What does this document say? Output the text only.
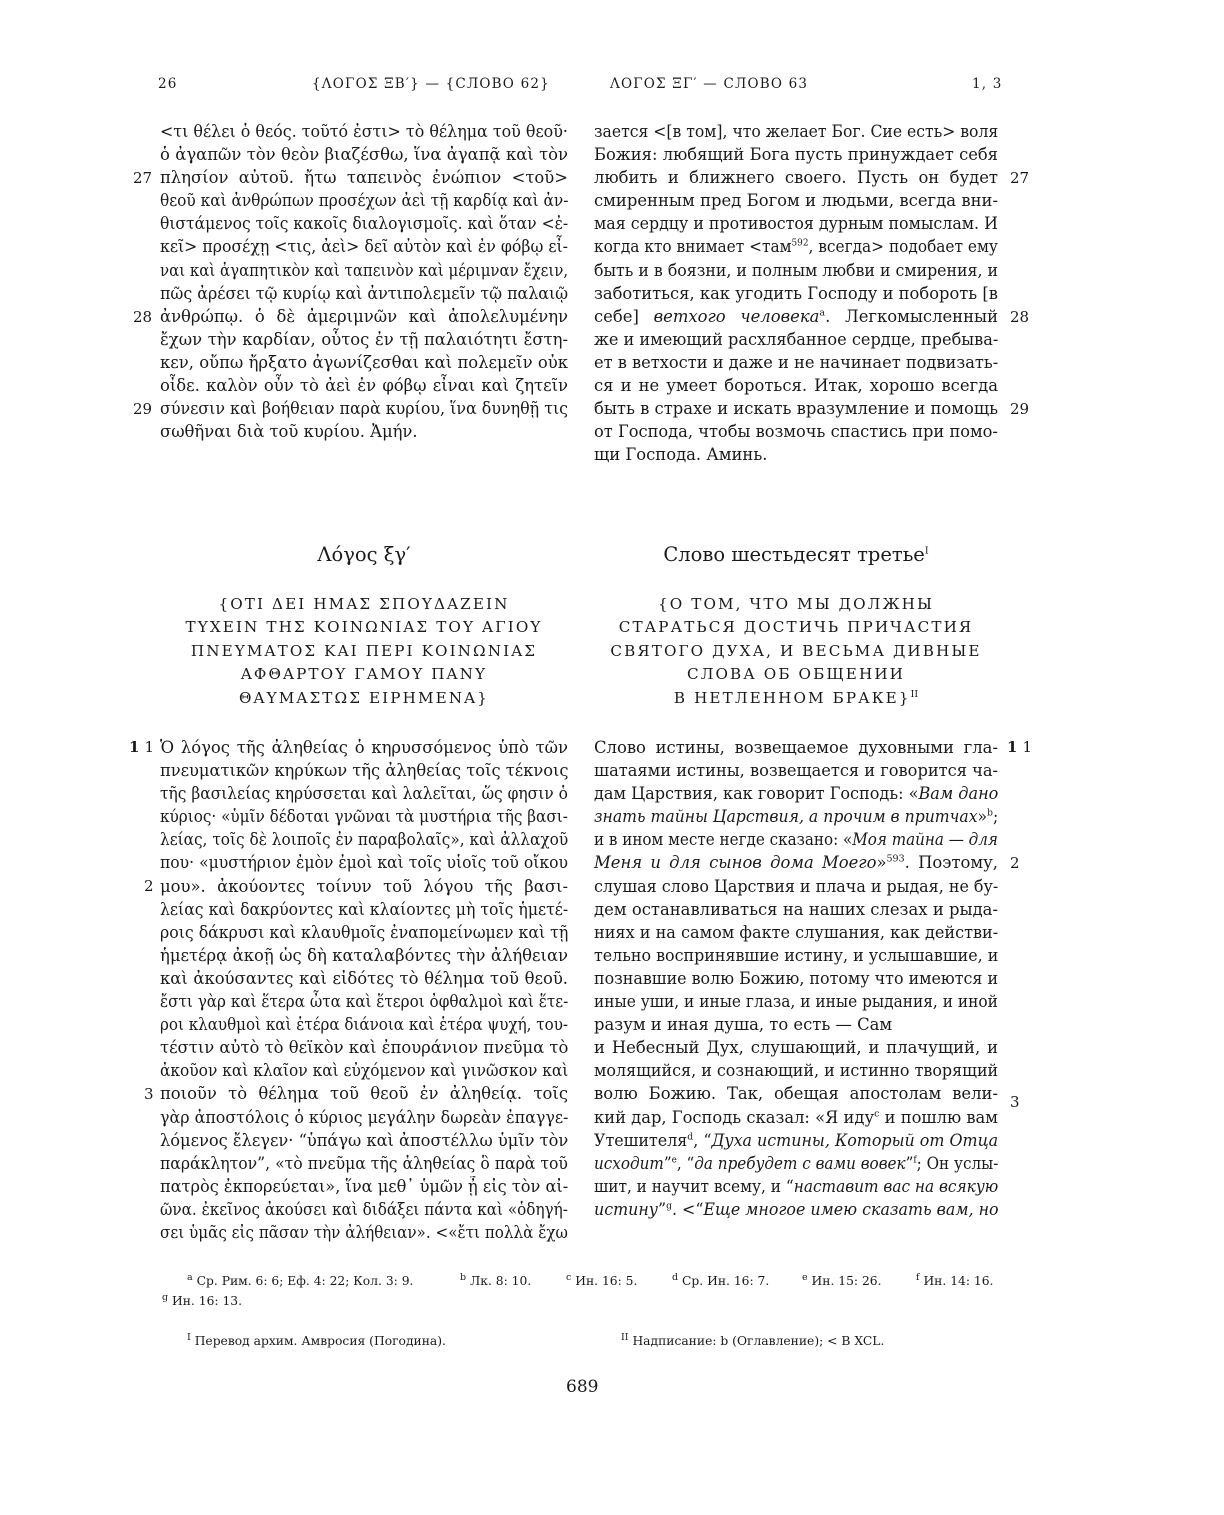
26	{ΛΟΓΟΣ ΞΒ′} — {СЛОВО 62}	ΛΟΓΟΣ ΞΓ′ — СЛОВО 63	1, 3
<τι θέλει ὁ θεός. τοῦτό ἐστι> τὸ θέλημα τοῦ θεοῦ·
ὁ ἀγαπῶν τὸν θεὸν βιαζέσθω, ἵνα ἀγαπᾷ καὶ τὸν
πλησίον αὐτοῦ. ἤτω ταπεινὸς ἐνώπιον <τοῦ>
θεοῦ καὶ ἀνθρώπων προσέχων ἀεὶ τῇ καρδίᾳ καὶ ἀν-
θιστάμενος τοῖς κακοῖς διαλογισμοῖς. καὶ ὅταν <ἐ-
κεῖ> προσέχῃ <τις, ἀεὶ> δεῖ αὐτὸν καὶ ἐν φόβῳ εἶ-
ναι καὶ ἀγαπητικὸν καὶ ταπεινὸν καὶ μέριμναν ἔχειν,
πῶς ἀρέσει τῷ κυρίῳ καὶ ἀντιπολεμεῖν τῷ παλαιῷ
ἀνθρώπῳ. ὁ δὲ ἀμεριμνῶν καὶ ἀπολελυμένην
ἔχων τὴν καρδίαν, οὗτος ἐν τῇ παλαιότητι ἔστη-
κεν, οὔπω ἤρξατο ἀγωνίζεσθαι καὶ πολεμεῖν οὐκ
οἶδε. καλὸν οὖν τὸ ἀεὶ ἐν φόβῳ εἶναι καὶ ζητεῖν
σύνεσιν καὶ βοήθειαν παρὰ κυρίου, ἵνα δυνηθῇ τις
σωθῆναι διὰ τοῦ κυρίου. Ἀμήν.
зается <[в том], что желает Бог. Сие есть> воля
Божия: любящий Бога пусть принуждает себя
любить и ближнего своего. Пусть он будет
смиренным пред Богом и людьми, всегда вни-
мая сердцу и противостоя дурным помыслам. И
когда кто внимает <там$^{592}$, всегда> подобает ему
быть и в боязни, и полным любви и смирения, и
заботиться, как угодить Господу и побороть [в
себе] ветхого человека$^a$. Легкомысленный
же и имеющий расхлябанное сердце, пребыва-
ет в ветхости и даже и не начинает подвизать-
ся и не умеет бороться. Итак, хорошо всегда
быть в страхе и искать вразумление и помощь
от Господа, чтобы возмочь спастись при помо-
щи Господа. Аминь.
27
28
29
27
28
29
Λόγος ξγ′
{ΟΤΙ ΔΕΙ ΗΜΑΣ ΣΠΟΥΔΑΖΕΙΝ
ΤΥΧΕΙΝ ΤΗΣ ΚΟΙΝΩΝΙΑΣ ΤΟΥ ΑΓΙΟΥ
ΠΝΕΥΜΑΤΟΣ ΚΑΙ ΠΕΡΙ ΚΟΙΝΩΝΙΑΣ
ΑΦΘΑΡΤΟΥ ΓΑΜΟΥ ΠΑΝΥ
ΘΑΥΜΑΣΤΩΣ ΕΙΡΗΜΕΝΑ}
Слово шестьдесят третье$^I$
{О ТОМ, ЧТО МЫ ДОЛЖНЫ
СТАРАТЬСЯ ДОСТИЧЬ ПРИЧАСТИЯ
СВЯТОГО ДУХА, И ВЕСЬМА ДИВНЫЕ
СЛОВА ОБ ОБЩЕНИИ
В НЕТЛЕННОМ БРАКЕ}$^{II}$
Ὁ λόγος τῆς ἀληθείας ὁ κηρυσσόμενος ὑπὸ τῶν
πνευματικῶν κηρύκων τῆς ἀληθείας τοῖς τέκνοις
τῆς βασιλείας κηρύσσεται καὶ λαλεῖται, ὥς φησιν ὁ
κύριος· «ὑμῖν δέδοται γνῶναι τὰ μυστήρια τῆς βασι-
λείας, τοῖς δὲ λοιποῖς ἐν παραβολαῖς», καὶ ἀλλαχοῦ
που· «μυστήριον ἐμὸν ἐμοὶ καὶ τοῖς υἱοῖς τοῦ οἴκου
μου». ἀκούοντες τοίνυν τοῦ λόγου τῆς βασι-
λείας καὶ δακρύοντες καὶ κλαίοντες μὴ τοῖς ἡμετέ-
ροις δάκρυσι καὶ κλαυθμοῖς ἐναπομείνωμεν καὶ τῇ
ἡμετέρᾳ ἀκοῇ ὡς δὴ καταλαβόντες τὴν ἀλήθειαν
καὶ ἀκούσαντες καὶ εἰδότες τὸ θέλημα τοῦ θεοῦ.
ἔστι γὰρ καὶ ἕτερα ὦτα καὶ ἕτεροι ὀφθαλμοὶ καὶ ἕτε-
ροι κλαυθμοὶ καὶ ἑτέρα διάνοια καὶ ἑτέρα ψυχή, του-
τέστιν αὐτὸ τὸ θεϊκὸν καὶ ἐπουράνιον πνεῦμα τὸ
ἀκοῦον καὶ κλαῖον καὶ εὐχόμενον καὶ γινῶσκον καὶ
ποιοῦν τὸ θέλημα τοῦ θεοῦ ἐν ἀληθείᾳ. τοῖς
γὰρ ἀποστόλοις ὁ κύριος μεγάλην δωρεὰν ἐπαγγε-
λόμενος ἔλεγεν· “ὑπάγω καὶ ἀποστέλλω ὑμῖν τὸν
παράκλητον”, «τὸ πνεῦμα τῆς ἀληθείας ὃ παρὰ τοῦ
πατρὸς ἐκπορεύεται», ἵνα μεθ᾽ ὑμῶν ᾖ εἰς τὸν αἰ-
ῶνα. ἐκεῖνος ἀκούσει καὶ διδάξει πάντα καὶ «ὁδηγή-
σει ὑμᾶς εἰς πᾶσαν τὴν ἀλήθειαν». <«ἔτι πολλὰ ἔχω
Слово истины, возвещаемое духовными гла-
шатаями истины, возвещается и говорится ча-
дам Царствия, как говорит Господь: «Вам дано
знать тайны Царствия, а прочим в притчах»$^b$;
и в ином месте негде сказано: «Моя тайна — для
Меня и для сынов дома Моего»$^{593}$. Поэтому,
слушая слово Царствия и плача и рыдая, не бу-
дем останавливаться на наших слезах и рыда-
ниях и на самом факте слушания, как действи-
тельно воспринявшие истину, и услышавшие, и
познавшие волю Божию, потому что имеются и
иные уши, и иные глаза, и иные рыдания, и иной
разум и иная душа, то есть — Сам
и Небесный Дух, слушающий, и плачущий, и
молящийся, и сознающий, и истинно творящий
волю Божию. Так, обещая апостолам вели-
кий дар, Господь сказал: «Я иду$^c$ и пошлю вам
Утешителя$^d$, “Духа истины, Который от Отца
исходит”$^e$, “да пребудет с вами вовек”$^f$; Он услы-
шит, и научит всему, и “наставит вас на всякую
истину”$^g$. <“Еще многое имею сказать вам, но
1 1	1 1
2
2
3	3
$^a$ Ср. Рим. 6: 6; Еф. 4: 22; Кол. 3: 9.	$^b$ Лк. 8: 10.	$^c$ Ин. 16: 5.	$^d$ Ср. Ин. 16: 7.	$^e$ Ин. 15: 26.	$^f$ Ин. 14: 16.
$^g$ Ин. 16: 13.
$^I$ Перевод архим. Амвросия (Погодина).	$^{II}$ Надписание: b (Оглавление); < B XCL.
689
